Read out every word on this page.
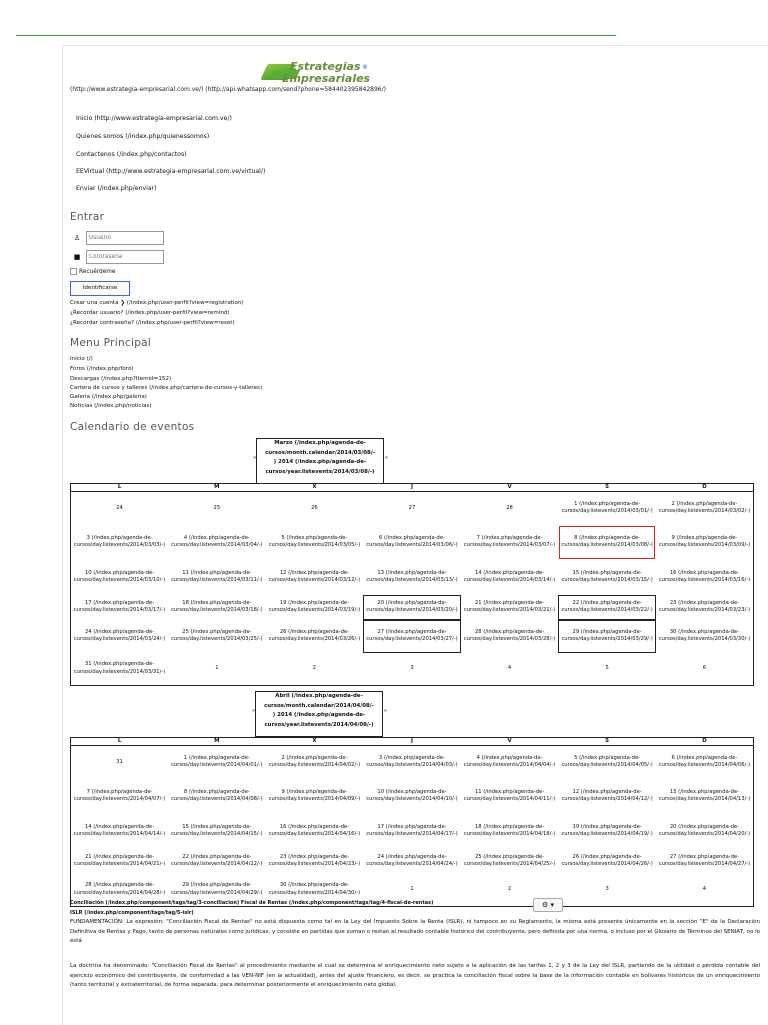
Estrategias
Empresariales
®
(http://www.estrategia-empresarial.com.ve/) (http://api.whatsapp.com/send?phone=584402395842896/)
Inicio (http://www.estrategia-empresarial.com.ve/)
Quienes somos (/index.php/quienessomos)
Contactenos (/index.php/contactos)
EEVirtual (http://www.estrategia-empresarial.com.ve/virtual/)
Enviar (/index.php/enviar)
Entrar
♙
Usuario
■
Recuérdeme
Identificarse
Crear una cuenta ❯ (/index.php/user-perfil?view=registration)
¿Recordar usuario? (/index.php/user-perfil?view=remind)
¿Recordar contraseña? (/index.php/user-perfil?view=reset)
Menu Principal
Inicio (/)
Foros (/index.php/foro)
Descargas (/index.php?Itemid=152)
Cartera de cursos y talleres (/index.php/cartera-de-cursos-y-talleres)
Galeria (/index.php/galeria)
Noticias (/index.php/noticias)
Calendario de eventos
«
Marzo (/index.php/agenda-de-
cursos/month.calendar/2014/03/08/-
) 2014 (/index.php/agenda-de-
cursos/year.listevents/2014/03/08/-)
»
L	M	X	J	V	S	D
24	25	26	27	28	1 (/index.php/agenda-de-cursos/day.listevents/2014/03/01/-)	2 (/index.php/agenda-de-cursos/day.listevents/2014/03/02/-)
3 (/index.php/agenda-de-cursos/day.listevents/2014/03/03/-)	4 (/index.php/agenda-de-cursos/day.listevents/2014/03/04/-)	5 (/index.php/agenda-de-cursos/day.listevents/2014/03/05/-)	6 (/index.php/agenda-de-cursos/day.listevents/2014/03/06/-)	7 (/index.php/agenda-de-cursos/day.listevents/2014/03/07/-)	8 (/index.php/agenda-de-cursos/day.listevents/2014/03/08/-)	9 (/index.php/agenda-de-cursos/day.listevents/2014/03/09/-)
10 (/index.php/agenda-de-cursos/day.listevents/2014/03/10/-)	11 (/index.php/agenda-de-cursos/day.listevents/2014/03/11/-)	12 (/index.php/agenda-de-cursos/day.listevents/2014/03/12/-)	13 (/index.php/agenda-de-cursos/day.listevents/2014/03/13/-)	14 (/index.php/agenda-de-cursos/day.listevents/2014/03/14/-)	15 (/index.php/agenda-de-cursos/day.listevents/2014/03/15/-)	16 (/index.php/agenda-de-cursos/day.listevents/2014/03/16/-)
17 (/index.php/agenda-de-cursos/day.listevents/2014/03/17/-)	18 (/index.php/agenda-de-cursos/day.listevents/2014/03/18/-)	19 (/index.php/agenda-de-cursos/day.listevents/2014/03/19/-)	20 (/index.php/agenda-de-cursos/day.listevents/2014/03/20/-)	21 (/index.php/agenda-de-cursos/day.listevents/2014/03/21/-)	22 (/index.php/agenda-de-cursos/day.listevents/2014/03/22/-)	23 (/index.php/agenda-de-cursos/day.listevents/2014/03/23/-)
24 (/index.php/agenda-de-cursos/day.listevents/2014/03/24/-)	25 (/index.php/agenda-de-cursos/day.listevents/2014/03/25/-)	26 (/index.php/agenda-de-cursos/day.listevents/2014/03/26/-)	27 (/index.php/agenda-de-cursos/day.listevents/2014/03/27/-)	28 (/index.php/agenda-de-cursos/day.listevents/2014/03/28/-)	29 (/index.php/agenda-de-cursos/day.listevents/2014/03/29/-)	30 (/index.php/agenda-de-cursos/day.listevents/2014/03/30/-)
31 (/index.php/agenda-de-cursos/day.listevents/2014/03/31/-)	1	2	3	4	5	6
«
Abril (/index.php/agenda-de-
cursos/month.calendar/2014/04/08/-
) 2014 (/index.php/agenda-de-
cursos/year.listevents/2014/04/08/-)
»
L	M	X	J	V	S	D
31	1 (/index.php/agenda-de-cursos/day.listevents/2014/04/01/-)	2 (/index.php/agenda-de-cursos/day.listevents/2014/04/02/-)	3 (/index.php/agenda-de-cursos/day.listevents/2014/04/03/-)	4 (/index.php/agenda-de-cursos/day.listevents/2014/04/04/-)	5 (/index.php/agenda-de-cursos/day.listevents/2014/04/05/-)	6 (/index.php/agenda-de-cursos/day.listevents/2014/04/06/-)
7 (/index.php/agenda-de-cursos/day.listevents/2014/04/07/-)	8 (/index.php/agenda-de-cursos/day.listevents/2014/04/08/-)	9 (/index.php/agenda-de-cursos/day.listevents/2014/04/09/-)	10 (/index.php/agenda-de-cursos/day.listevents/2014/04/10/-)	11 (/index.php/agenda-de-cursos/day.listevents/2014/04/11/-)	12 (/index.php/agenda-de-cursos/day.listevents/2014/04/12/-)	13 (/index.php/agenda-de-cursos/day.listevents/2014/04/13/-)
14 (/index.php/agenda-de-cursos/day.listevents/2014/04/14/-)	15 (/index.php/agenda-de-cursos/day.listevents/2014/04/15/-)	16 (/index.php/agenda-de-cursos/day.listevents/2014/04/16/-)	17 (/index.php/agenda-de-cursos/day.listevents/2014/04/17/-)	18 (/index.php/agenda-de-cursos/day.listevents/2014/04/18/-)	19 (/index.php/agenda-de-cursos/day.listevents/2014/04/19/-)	20 (/index.php/agenda-de-cursos/day.listevents/2014/04/20/-)
21 (/index.php/agenda-de-cursos/day.listevents/2014/04/21/-)	22 (/index.php/agenda-de-cursos/day.listevents/2014/04/22/-)	23 (/index.php/agenda-de-cursos/day.listevents/2014/04/23/-)	24 (/index.php/agenda-de-cursos/day.listevents/2014/04/24/-)	25 (/index.php/agenda-de-cursos/day.listevents/2014/04/25/-)	26 (/index.php/agenda-de-cursos/day.listevents/2014/04/26/-)	27 (/index.php/agenda-de-cursos/day.listevents/2014/04/27/-)
28 (/index.php/agenda-de-cursos/day.listevents/2014/04/28/-)	29 (/index.php/agenda-de-cursos/day.listevents/2014/04/29/-)	30 (/index.php/agenda-de-cursos/day.listevents/2014/04/30/-)	1	2	3	4
Conciliación (/index.php/component/tags/tag/3-conciliacion) Fiscal de Rentas (/index.php/component/tags/tag/4-fiscal-de-rentas)
ISLR (/index.php/component/tags/tag/5-islr)
⚙ ▾
FUNDAMENTACIÓN: La expresión: "Conciliación Fiscal de Rentas" no está dispuesta como tal en la Ley del Impuesto Sobre la Renta (ISLR), ni tampoco en su Reglamento, la misma está presente únicamente en la sección "E" de la Declaración Definitiva de Rentas y Pago, tanto de personas naturales como jurídicas, y consiste en partidas que suman o restan al resultado contable histórico del contribuyente, pero definida por una norma, o incluso por el Glosario de Términos del SENIAT, no lo está.
La doctrina ha denominado: "Conciliación Fiscal de Rentas" al procedimiento mediante el cual se determina el enriquecimiento neto sujeto a la aplicación de las tarifas 1, 2 y 3 de la Ley del ISLR, partiendo de la utilidad o pérdida contable del ejercicio económico del contribuyente, de conformidad a las VEN-NIF (en la actualidad), antes del ajuste financiero, es decir, se practica la conciliación fiscal sobre la base de la información contable en bolívares históricos de un enriquecimiento (tanto territorial y extraterritorial, de forma separada, para determinar posteriormente el enriquecimiento neto global.
